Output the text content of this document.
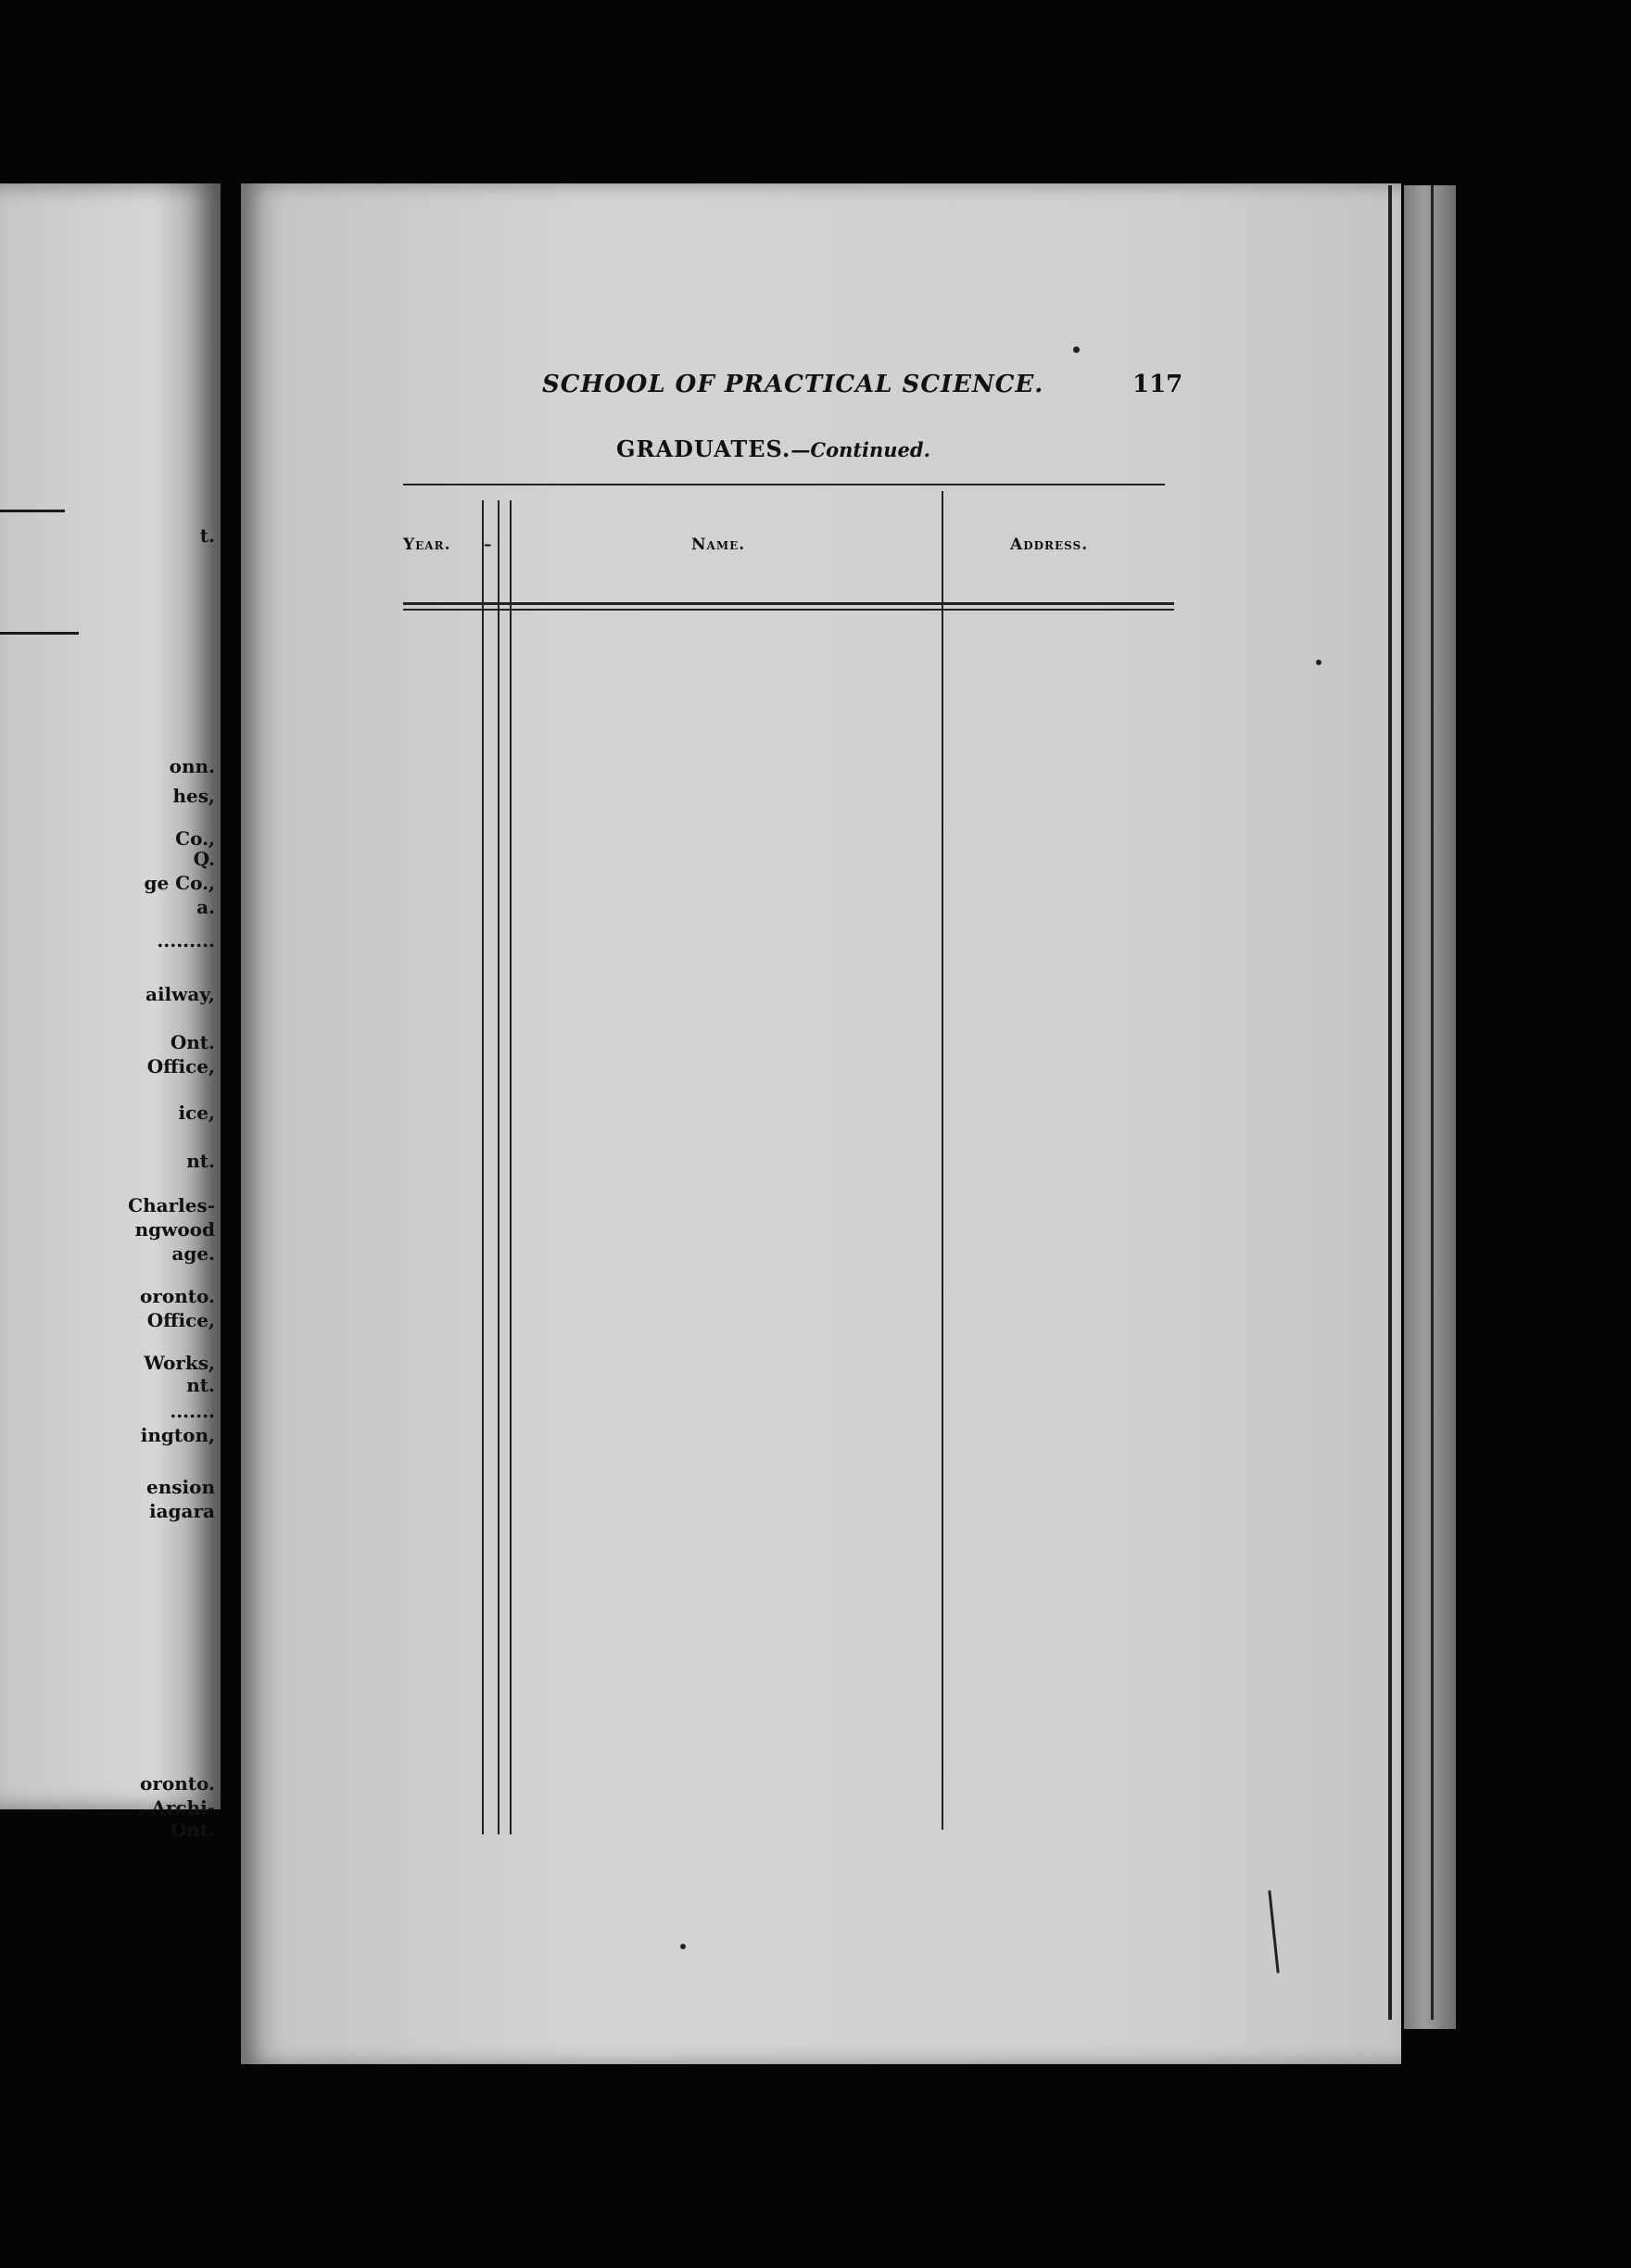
t.
onn.
hes,
Co.,
Q.
ge Co.,
a.
.........
ailway,
Ont.
Office,
ice,
nt.
Charles-
ngwood
age.
oronto.
Office,
Works,
nt.
.......
ington,
ension
iagara
oronto.
, Archi-
Ont.
SCHOOL OF PRACTICAL SCIENCE.	117
GRADUATES.—Continued.
Year. –	Name.	Address.
